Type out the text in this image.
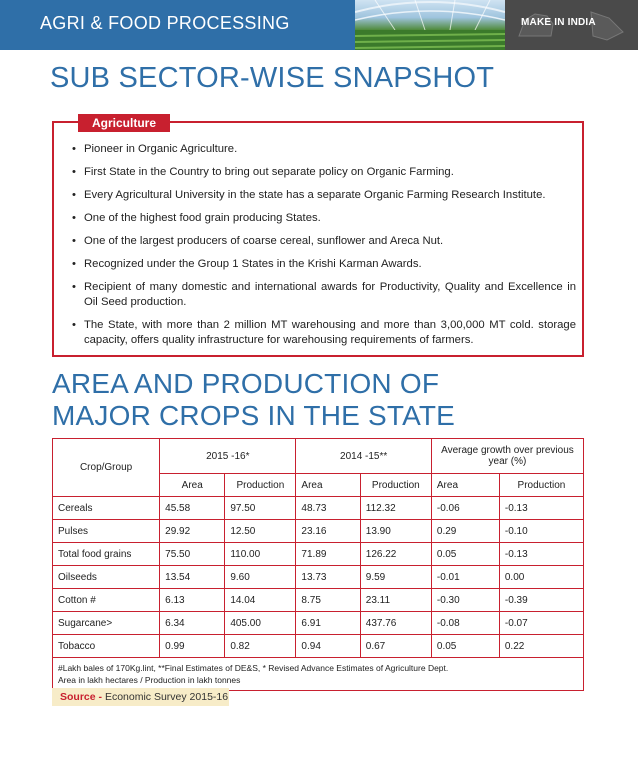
AGRI & FOOD PROCESSING	MAKE IN INDIA
SUB SECTOR-WISE SNAPSHOT
Agriculture
• Pioneer in Organic Agriculture.
• First State in the Country to bring out separate policy on Organic Farming.
• Every Agricultural University in the state has a separate Organic Farming Research Institute.
• One of the highest food grain producing States.
• One of the largest producers of coarse cereal, sunflower and Areca Nut.
• Recognized under the Group 1 States in the Krishi Karman Awards.
• Recipient of many domestic and international awards for Productivity, Quality and Excellence in Oil Seed production.
• The State, with more than 2 million MT warehousing and more than 3,00,000 MT cold. storage capacity, offers quality infrastructure for warehousing requirements of farmers.
AREA AND PRODUCTION OF
MAJOR CROPS IN THE STATE
Crop/Group	2015 -16*		2014 -15**		Average growth over previous year (%)	
	Area	Production	Area	Production	Area	Production
Cereals	45.58	97.50	48.73	112.32	-0.06	-0.13
Pulses	29.92	12.50	23.16	13.90	0.29	-0.10
Total food grains	75.50	110.00	71.89	126.22	0.05	-0.13
Oilseeds	13.54	9.60	13.73	9.59	-0.01	0.00
Cotton #	6.13	14.04	8.75	23.11	-0.30	-0.39
Sugarcane>	6.34	405.00	6.91	437.76	-0.08	-0.07
Tobacco	0.99	0.82	0.94	0.67	0.05	0.22
#Lakh bales of 170Kg.lint, **Final Estimates of DE&S, * Revised Advance Estimates of Agriculture Dept.
Area in lakh hectares / Production in lakh tonnes						
Source - Economic Survey 2015-16
